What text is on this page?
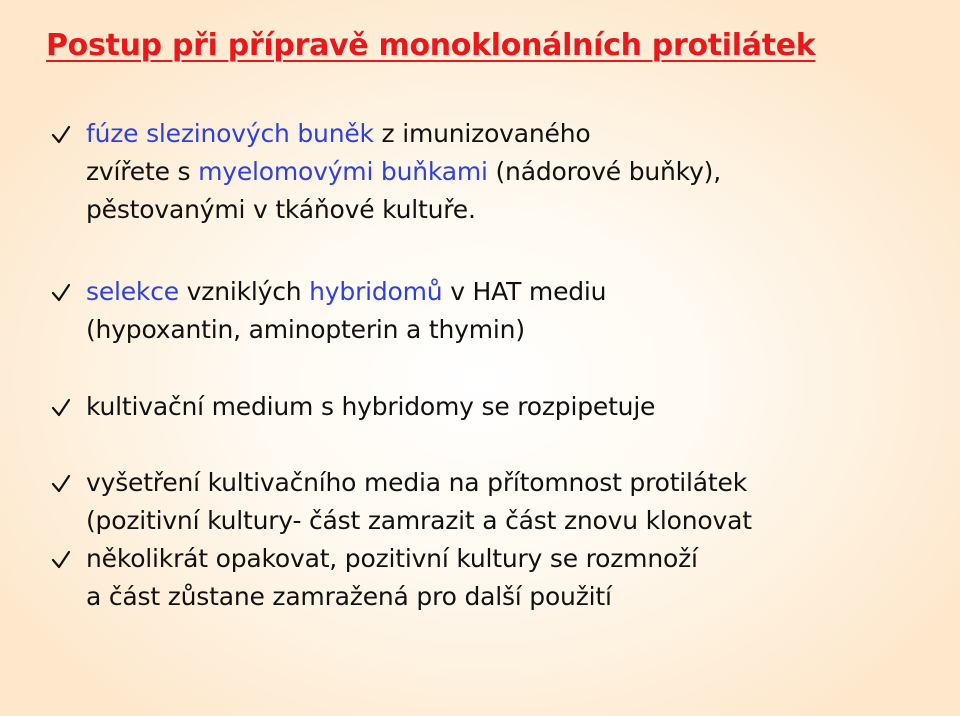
Postup při přípravě monoklonálních protilátek
fúze slezinových buněk z imunizovaného
zvířete s myelomovými buňkami (nádorové buňky),
pěstovanými v tkáňové kultuře.
selekce vzniklých hybridomů v HAT mediu
(hypoxantin, aminopterin a thymin)
kultivační medium s hybridomy se rozpipetuje
vyšetření kultivačního media na přítomnost protilátek
(pozitivní kultury- část zamrazit a část znovu klonovat
několikrát opakovat, pozitivní kultury se rozmnoží
a část zůstane zamražená pro další použití
